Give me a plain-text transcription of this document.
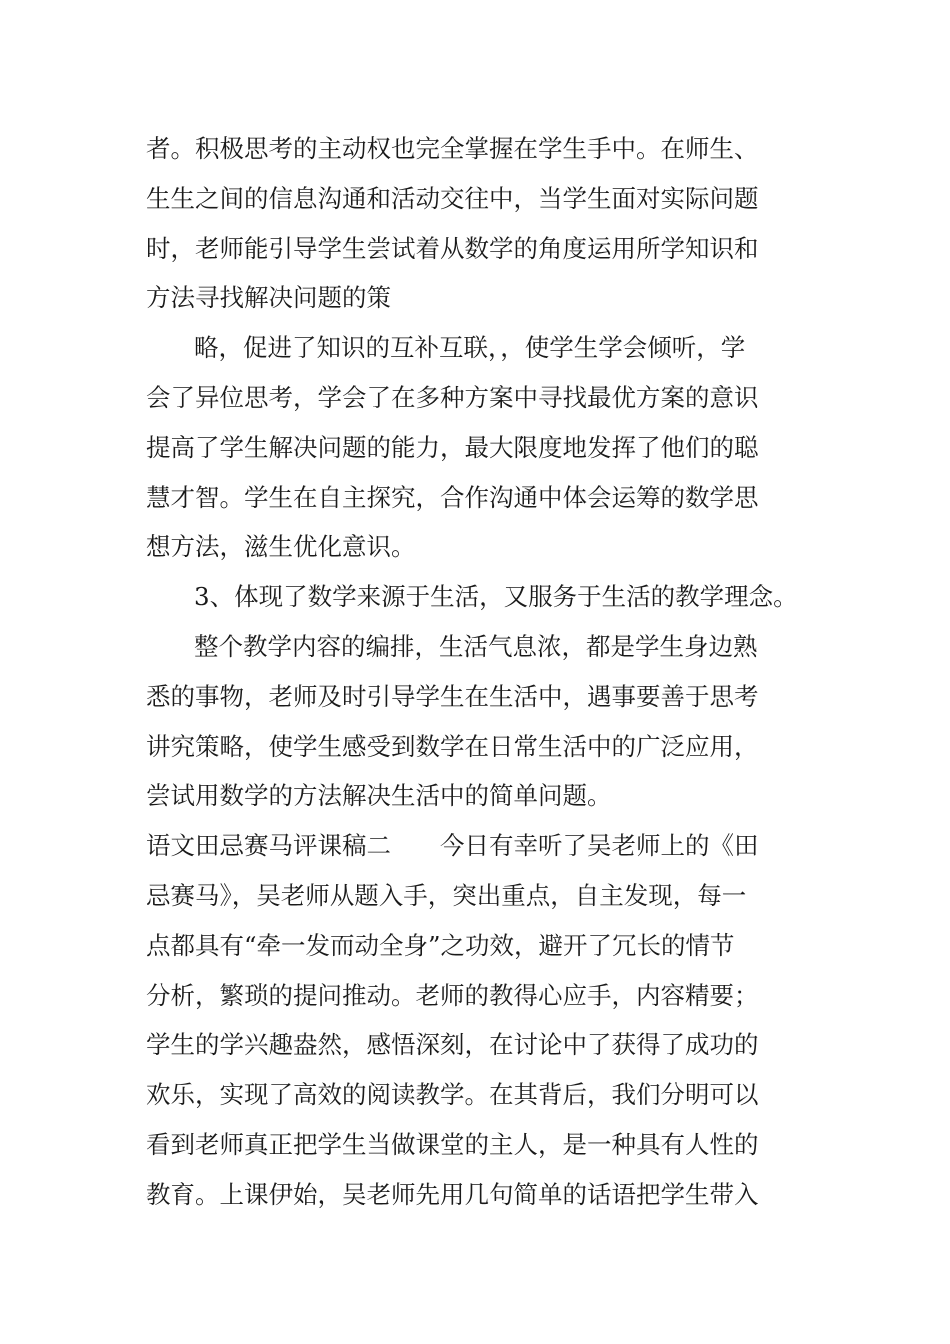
者。积极思考的主动权也完全掌握在学生手中。在师生、
生生之间的信息沟通和活动交往中，当学生面对实际问题
时，老师能引导学生尝试着从数学的角度运用所学知识和
方法寻找解决问题的策
略，促进了知识的互补互联，，使学生学会倾听，学
会了异位思考，学会了在多种方案中寻找最优方案的意识
提高了学生解决问题的能力，最大限度地发挥了他们的聪
慧才智。学生在自主探究，合作沟通中体会运筹的数学思
想方法，滋生优化意识。
3、体现了数学来源于生活，又服务于生活的教学理念。
整个教学内容的编排，生活气息浓，都是学生身边熟
悉的事物，老师及时引导学生在生活中，遇事要善于思考
讲究策略，使学生感受到数学在日常生活中的广泛应用，
尝试用数学的方法解决生活中的简单问题。
语文田忌赛马评课稿二　　今日有幸听了吴老师上的《田
忌赛马》，吴老师从题入手，突出重点，自主发现，每一
点都具有“牵一发而动全身”之功效，避开了冗长的情节
分析，繁琐的提问推动。老师的教得心应手，内容精要；
学生的学兴趣盎然，感悟深刻，在讨论中了获得了成功的
欢乐，实现了高效的阅读教学。在其背后，我们分明可以
看到老师真正把学生当做课堂的主人，是一种具有人性的
教育。上课伊始，吴老师先用几句简单的话语把学生带入
